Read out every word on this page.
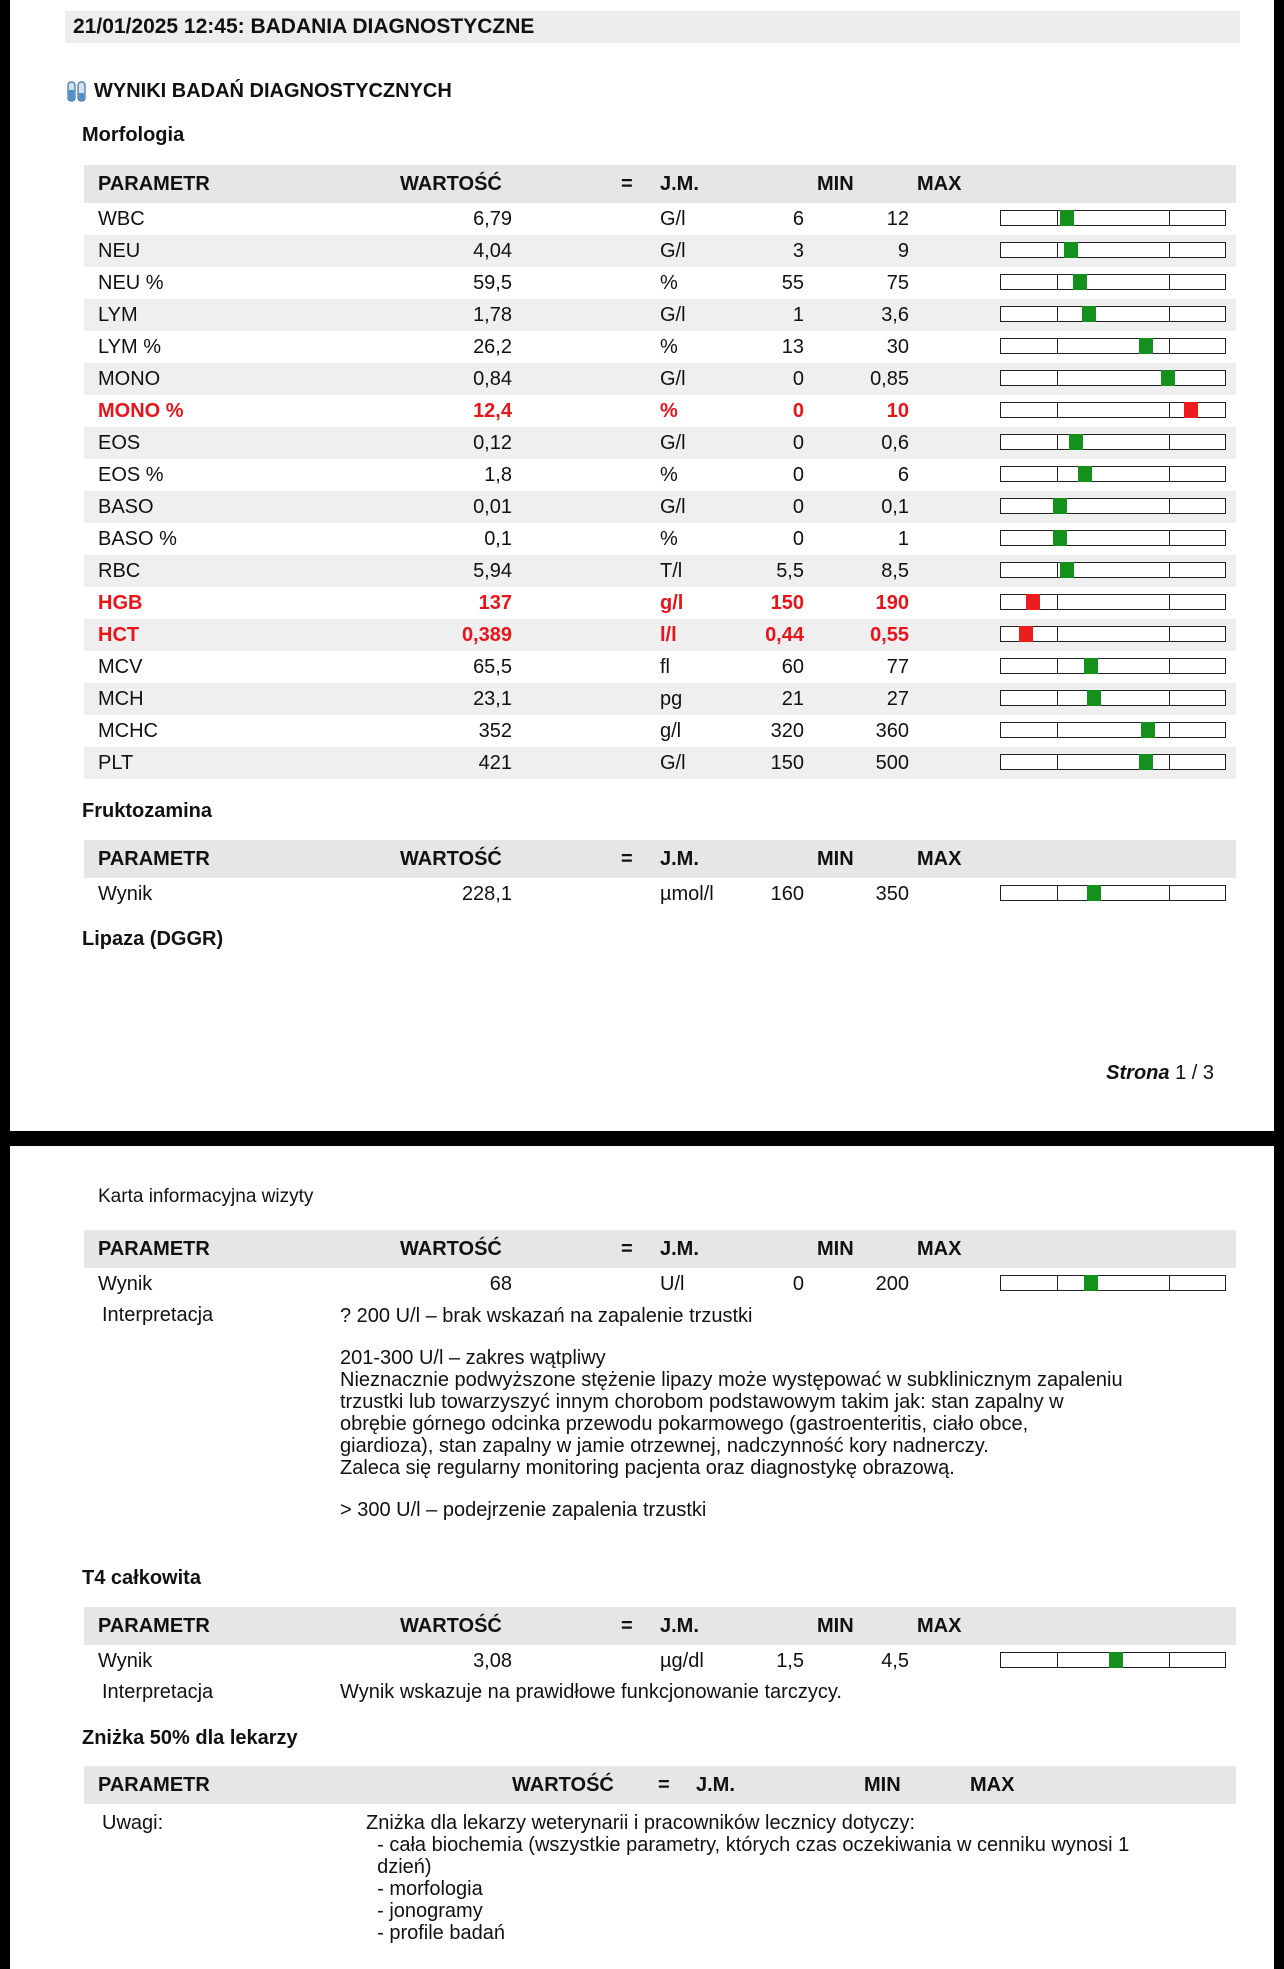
21/01/2025 12:45: BADANIA DIAGNOSTYCZNE
WYNIKI BADAŃ DIAGNOSTYCZNYCH
Morfologia
PARAMETR	WARTOŚĆ	= J.M.	MIN	MAX
WBC	6,79	G/l	6	12
NEU	4,04	G/l	3	9
NEU %	59,5	%	55	75
LYM	1,78	G/l	1	3,6
LYM %	26,2	%	13	30
MONO	0,84	G/l	0	0,85
MONO %	12,4	%	0	10
EOS	0,12	G/l	0	0,6
EOS %	1,8	%	0	6
BASO	0,01	G/l	0	0,1
BASO %	0,1	%	0	1
RBC	5,94	T/l	5,5	8,5
HGB	137	g/l	150	190
HCT	0,389	l/l	0,44	0,55
MCV	65,5	fl	60	77
MCH	23,1	pg	21	27
MCHC	352	g/l	320	360
PLT	421	G/l	150	500
Fruktozamina
PARAMETR	WARTOŚĆ	= J.M.	MIN	MAX
Wynik	228,1	µmol/l	160	350
Lipaza (DGGR)
Strona 1 / 3
Karta informacyjna wizyty
PARAMETR	WARTOŚĆ	= J.M.	MIN	MAX
Wynik	68	U/l	0	200
Interpretacja	? 200 U/l – brak wskazań na zapalenie trzustki
201-300 U/l – zakres wątpliwy
Nieznacznie podwyższone stężenie lipazy może występować w subklinicznym zapaleniu
trzustki lub towarzyszyć innym chorobom podstawowym takim jak: stan zapalny w
obrębie górnego odcinka przewodu pokarmowego (gastroenteritis, ciało obce,
giardioza), stan zapalny w jamie otrzewnej, nadczynność kory nadnerczy.
Zaleca się regularny monitoring pacjenta oraz diagnostykę obrazową.
> 300 U/l – podejrzenie zapalenia trzustki
T4 całkowita
PARAMETR	WARTOŚĆ	= J.M.	MIN	MAX
Wynik	3,08	µg/dl	1,5	4,5
Interpretacja	Wynik wskazuje na prawidłowe funkcjonowanie tarczycy.
Zniżka 50% dla lekarzy
PARAMETR	WARTOŚĆ = J.M.	MIN	MAX
Uwagi:	Zniżka dla lekarzy weterynarii i pracowników lecznicy dotyczy:
- cała biochemia (wszystkie parametry, których czas oczekiwania w cenniku wynosi 1
dzień)
- morfologia
- jonogramy
- profile badań
